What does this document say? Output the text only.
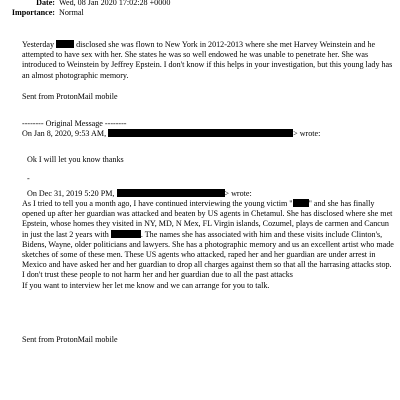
Date: Wed, 08 Jan 2020 17:02:28 +0000
Importance: Normal
Yesterday	disclosed she was flown to New York in 2012-2013 where she met Harvey Weinstein and he attempted to have sex with her. She states he was so well endowed he was unable to penetrate her. She was introduced to Weinstein by Jeffrey Epstein. I don't know if this helps in your investigation, but this young lady has an almost photographic memory.
Sent from ProtonMail mobile
-------- Original Message --------
On Jan 8, 2020, 9:53 AM,	> wrote:
Ok I will let you know thanks
-
On Dec 31, 2019 5:20 PM,	> wrote:
As I tried to tell you a month ago, I have continued interviewing the young victim " " and she has finally opened up after her guardian was attacked and beaten by US agents in Chetamul. She has disclosed where she met Epstein, whose homes they visited in NY, MD, N Mex, FL Virgin islands, Cozumel, plays de carmen and Cancun in just the last 2 years with	. The names she has associated with him and these visits include Clinton's, Bidens, Wayne, older politicians and lawyers. She has a photographic memory and us an excellent artist who made sketches of some of these men. These US agents who attacked, raped her and her guardian are under arrest in Mexico and have asked her and her guardian to drop all charges against them so that all the harrasing attacks stop. I don't trust these people to not harm her and her guardian due to all the past attacks
If you want to interview her let me know and we can arrange for you to talk.
Sent from ProtonMail mobile
